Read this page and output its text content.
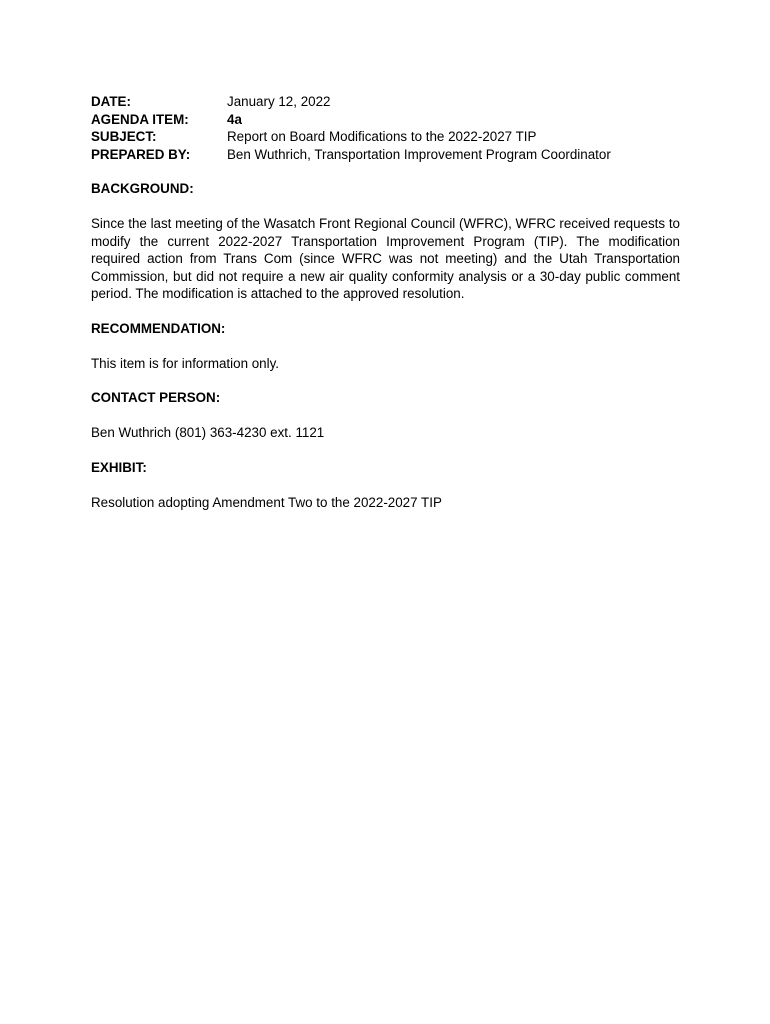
DATE:	January 12, 2022
AGENDA ITEM:	4a
SUBJECT:	Report on Board Modifications to the 2022-2027 TIP
PREPARED BY:	Ben Wuthrich, Transportation Improvement Program Coordinator
BACKGROUND:
Since the last meeting of the Wasatch Front Regional Council (WFRC), WFRC received requests to modify the current 2022-2027 Transportation Improvement Program (TIP). The modification required action from Trans Com (since WFRC was not meeting) and the Utah Transportation Commission, but did not require a new air quality conformity analysis or a 30-day public comment period. The modification is attached to the approved resolution.
RECOMMENDATION:
This item is for information only.
CONTACT PERSON:
Ben Wuthrich (801) 363-4230 ext. 1121
EXHIBIT:
Resolution adopting Amendment Two to the 2022-2027 TIP
